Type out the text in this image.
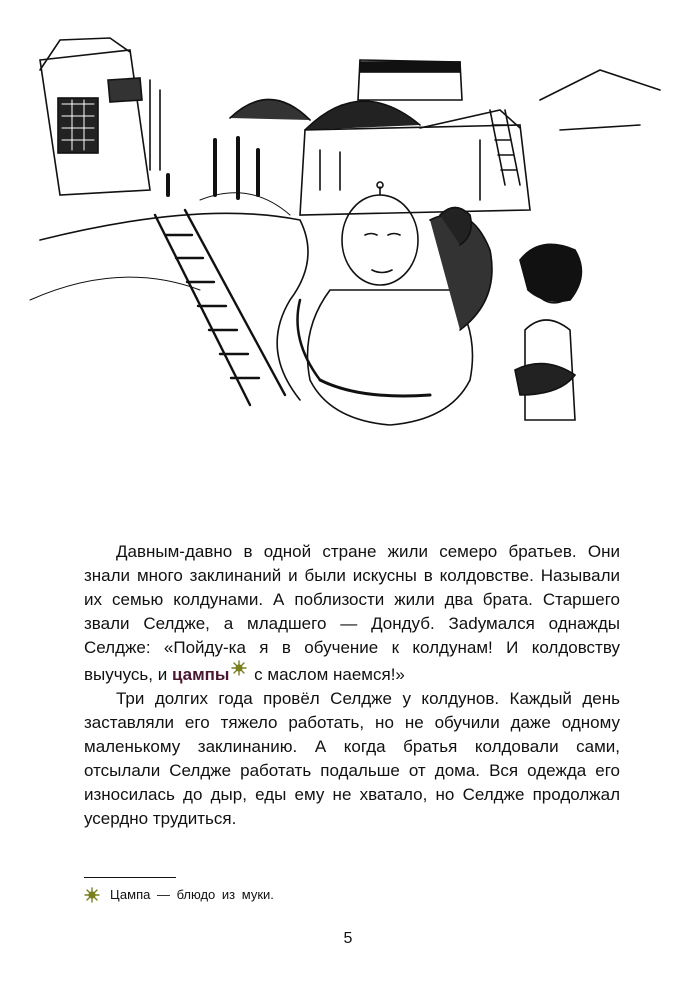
Давным-давно в одной стране жили семеро братьев. Они знали много заклинаний и были искусны в колдовстве. Называли их семью колдунами. А поблизости жили два брата. Старшего звали Селдже, а младшего — Дондуб. Заdумался однажды Селдже: «Пойду-ка я в обучение к колдунам! И колдовству выучусь, и цампы с маслом наемся!»

Три долгих года провёл Селдже у колдунов. Каждый день заставляли его тяжело работать, но не обучили даже одному маленькому заклинанию. А когда братья колдовали сами, отсылали Селдже работать подальше от дома. Вся одежда его износилась до дыр, еды ему не хватало, но Селдже продолжал усердно трудиться.

Цампа — блюдо из муки.
5
